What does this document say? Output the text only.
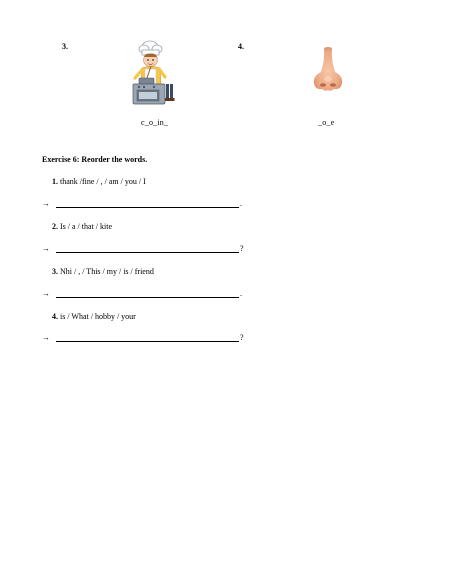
3.
c_o_in_
4.
_o_e
Exercise 6: Reorder the words.
1. thank /fine / , / am / you / I
→	.
2. Is / a / that / kite
→	?
3. Nhi / , / This / my / is / friend
→	.
4. is / What / hobby / your
→	?
